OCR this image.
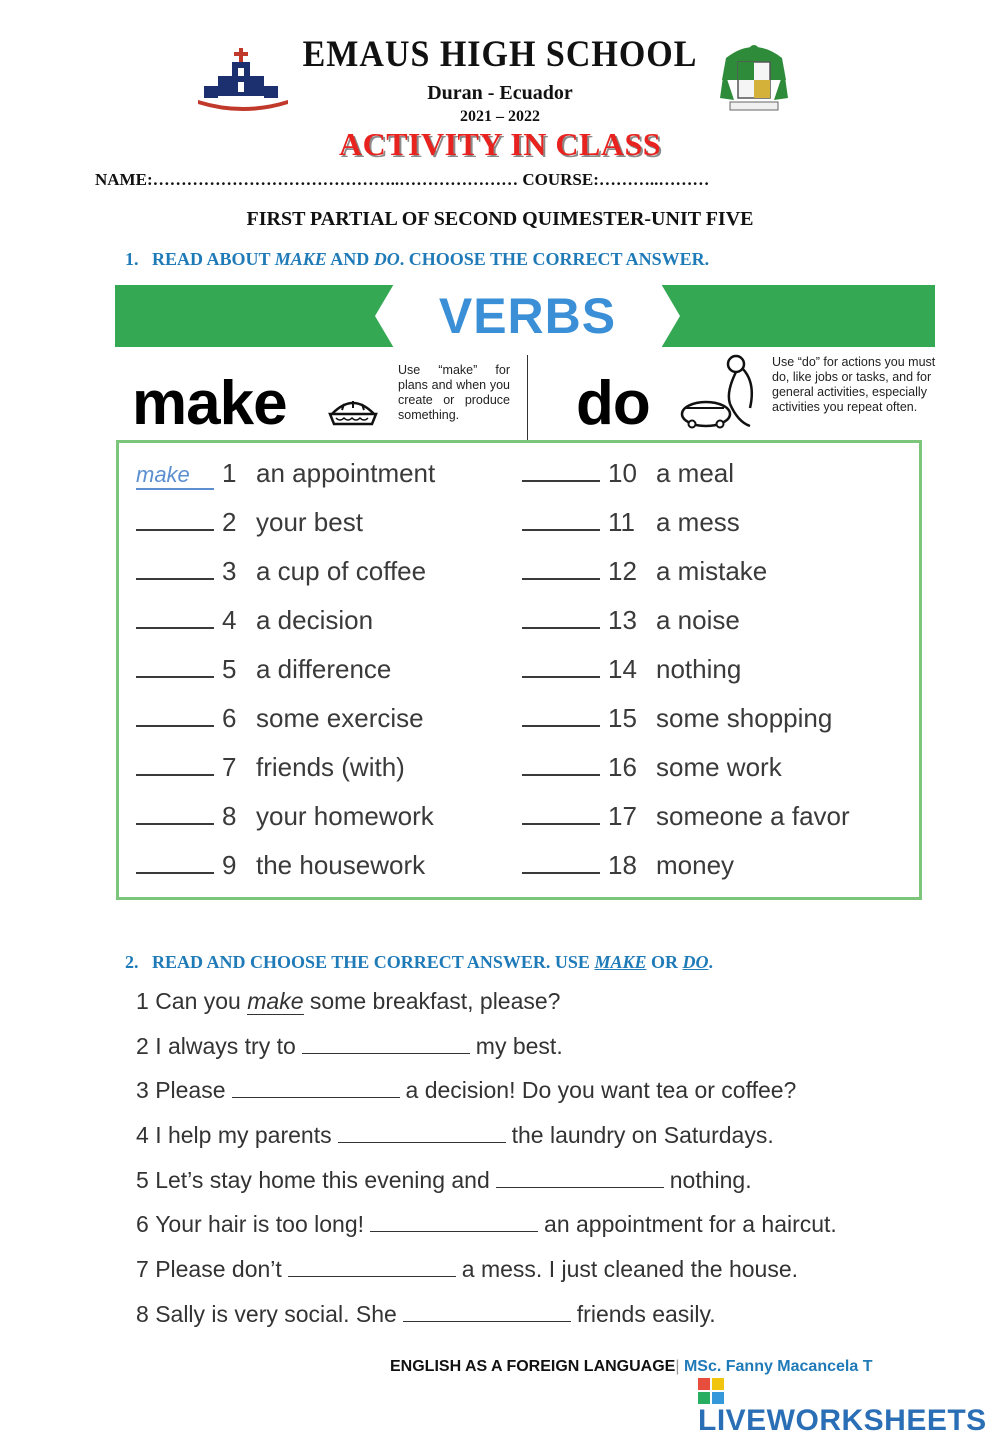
EMAUS HIGH SCHOOL
Duran - Ecuador
2021 – 2022
ACTIVITY IN CLASS
NAME:……………………………………..………………… COURSE:………..………
FIRST PARTIAL OF SECOND QUIMESTER-UNIT FIVE
1. READ ABOUT MAKE AND DO. CHOOSE THE CORRECT ANSWER.
VERBS
make	Use “make” for plans and when you create or produce something.	do
Use “do” for actions you must do, like jobs or tasks, and for general activities, especially activities you repeat often.
make 1 an appointment
2 your best
3 a cup of coffee
4 a decision
5 a difference
6 some exercise
7 friends (with)
8 your homework
9 the housework
10 a meal
11 a mess
12 a mistake
13 a noise
14 nothing
15 some shopping
16 some work
17 someone a favor
18 money
2. READ AND CHOOSE THE CORRECT ANSWER. USE MAKE OR DO.
1 Can you make some breakfast, please?
2 I always try to	my best.
3 Please	a decision! Do you want tea or coffee?
4 I help my parents	the laundry on Saturdays.
5 Let’s stay home this evening and	nothing.
6 Your hair is too long!	an appointment for a haircut.
7 Please don’t	a mess. I just cleaned the house.
8 Sally is very social. She	friends easily.
ENGLISH AS A FOREIGN LANGUAGE| MSc. Fanny Macancela T
LIVEWORKSHEETS
